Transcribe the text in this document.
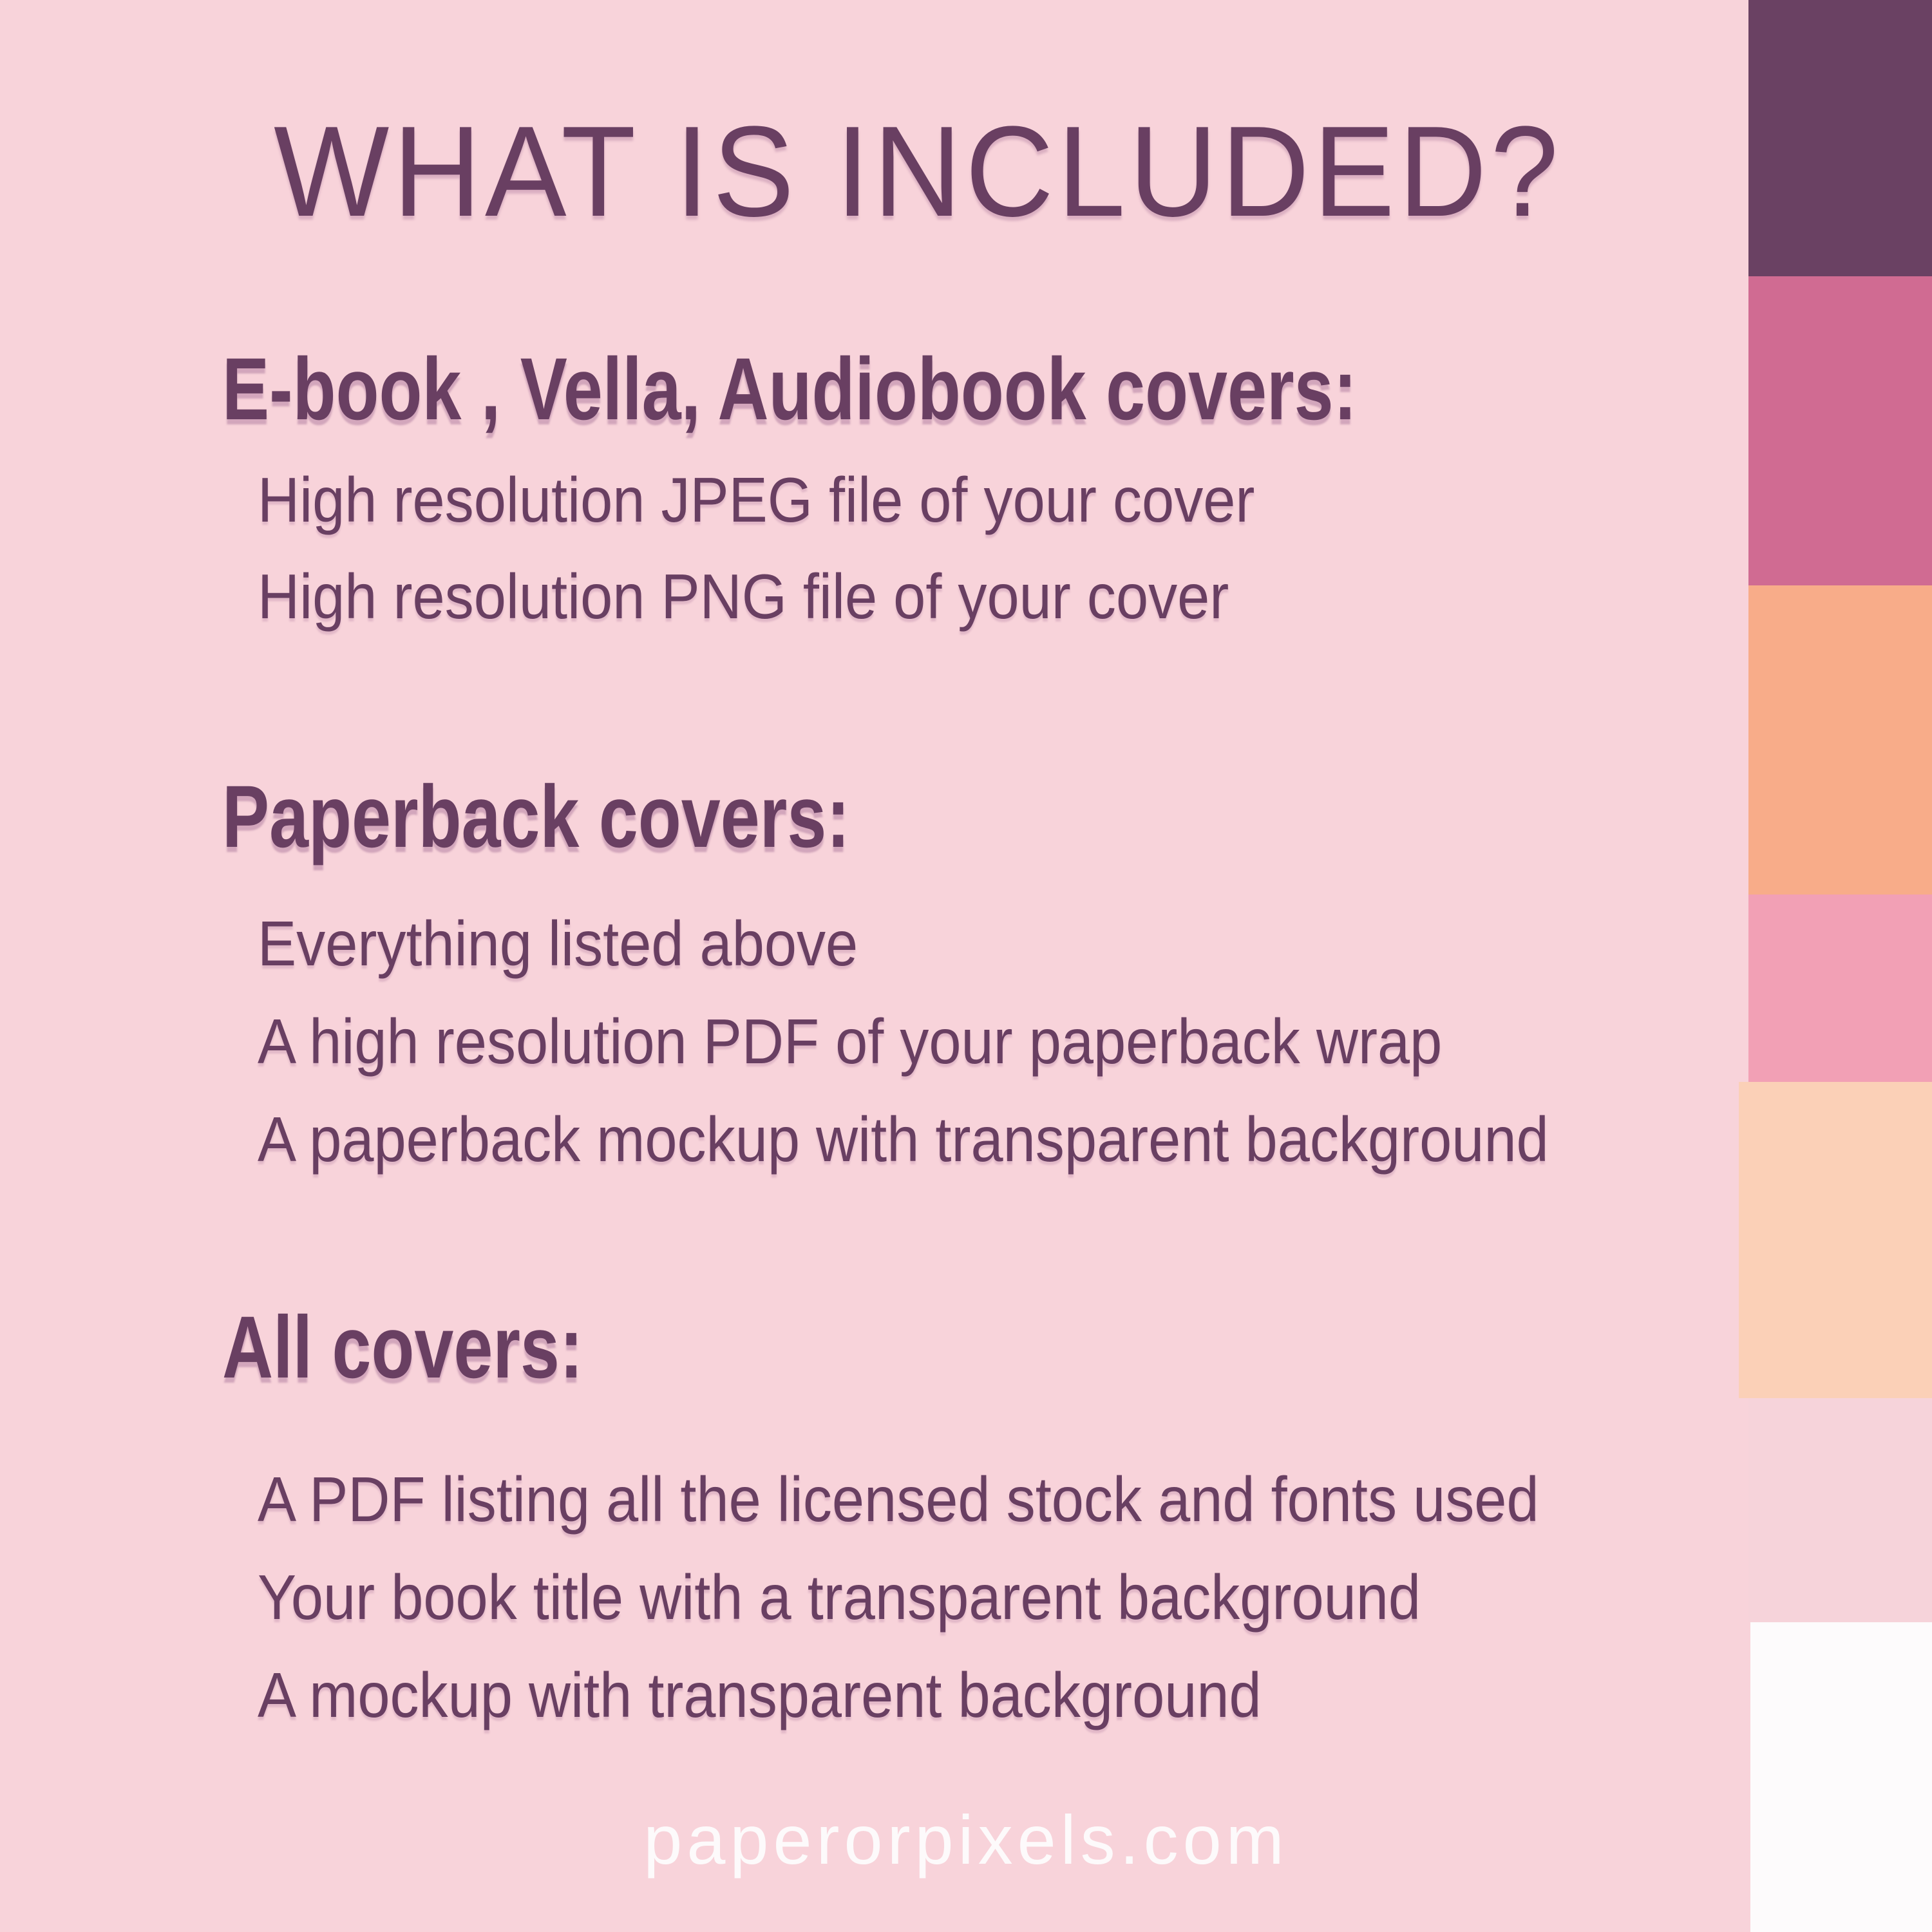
WHAT IS INCLUDED?
E-book , Vella, Audiobook covers:
High resolution JPEG file of your cover
High resolution PNG file of your cover
Paperback covers:
Everything listed above
A high resolution PDF of your paperback wrap
A paperback mockup with transparent background
All covers:
A PDF listing all the licensed stock and fonts used
Your book title with a transparent background
A mockup with transparent background
paperorpixels.com
